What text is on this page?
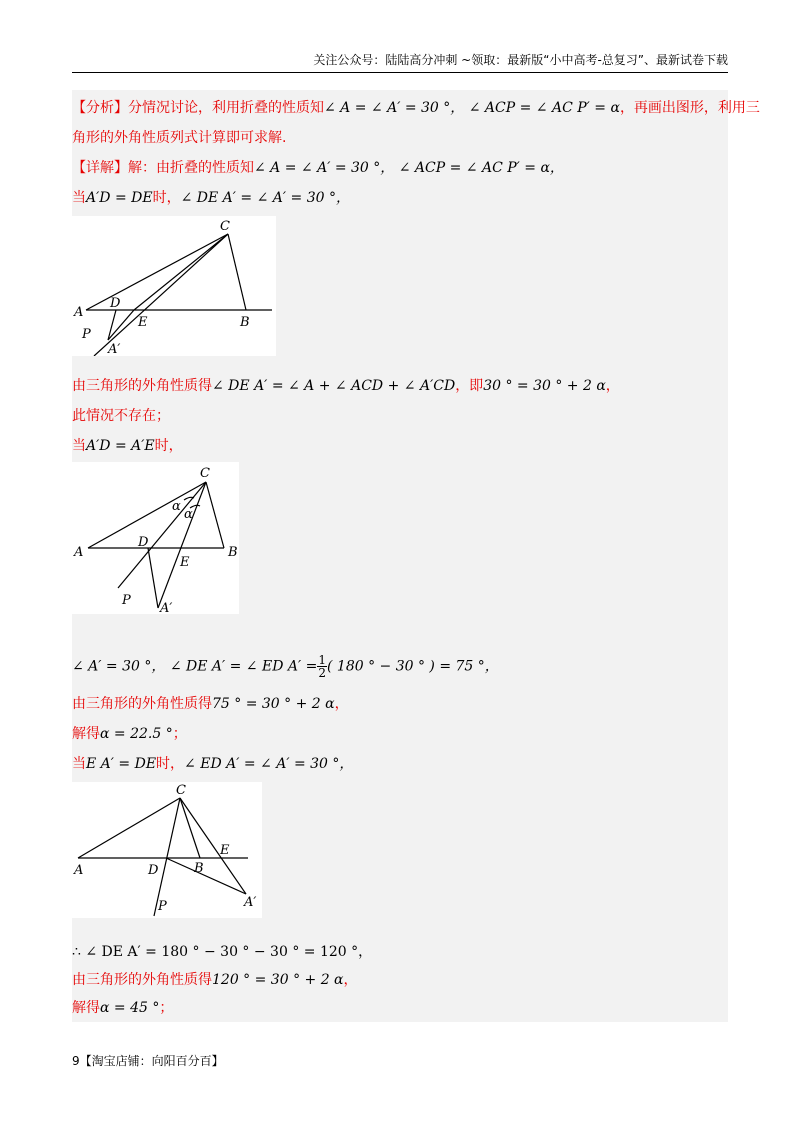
关注公众号：陆陆高分冲刺 ~领取：最新版“小中高考-总复习”、最新试卷下载
【分析】分情况讨论，利用折叠的性质知∠ A = ∠ A′ = 30 °， ∠ ACP = ∠ AC P′ = α，再画出图形，利用三
角形的外角性质列式计算即可求解.
【详解】解：由折叠的性质知∠ A = ∠ A′ = 30 °， ∠ ACP = ∠ AC P′ = α，
当A′D = DE时，∠ DE A′ = ∠ A′ = 30 °，
C
A
D
P
E	B
A′
由三角形的外角性质得∠ DE A′ = ∠ A + ∠ ACD + ∠ A′CD，即30 ° = 30 ° + 2 α，
此情况不存在；
当A′D = A′E时，
C
A
D
P
E
B
A′
α
α
∠ A′ = 30 °， ∠ DE A′ = ∠ ED $A' = \frac{1}{2}$ ( 180 ° − 30 ° ) = 75 °，
由三角形的外角性质得75 ° = 30 ° + 2 α，
解得α = 22.5 °；
当E A′ = DE时，∠ ED A′ = ∠ A′ = 30 °，
C
A	D
P
E
B
A′
∴ ∠ DE A′ = 180 ° − 30 ° − 30 ° = 120 °，
由三角形的外角性质得120 ° = 30 ° + 2 α，
解得α = 45 °；
9【淘宝店铺：向阳百分百】
